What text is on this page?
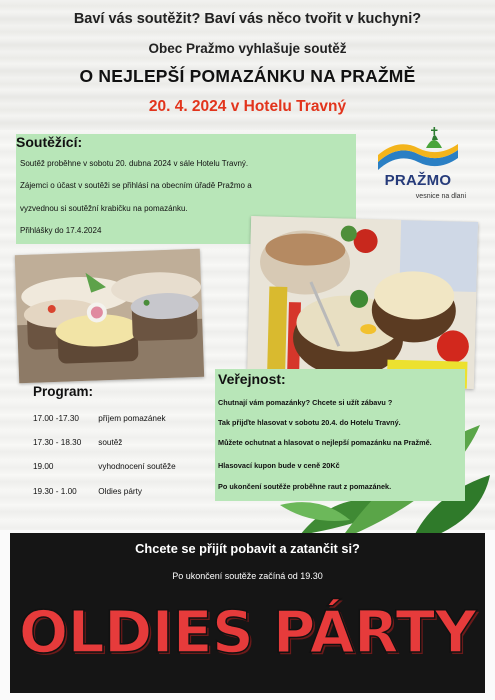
Baví vás soutěžit? Baví vás něco tvořit v kuchyni?
Obec Pražmo vyhlašuje soutěž
O NEJLEPŠÍ POMAZÁNKU NA PRAŽMĚ
20. 4. 2024 v Hotelu Travný
Soutěžící:
Soutěž proběhne v sobotu 20. dubna 2024 v sále Hotelu Travný.
Zájemci o účast v soutěži se přihlásí na obecním úřadě Pražmo a
vyzvednou si soutěžní krabičku na pomazánku.
Přihlášky do 17.4.2024
PRAŽMO
vesnice na dlani
Program:
17.00 -17.30 příjem pomazánek
17.30 - 18.30 soutěž
19.00	vyhodnocení soutěže
19.30 - 1.00	Oldies párty
Veřejnost:
Chutnají vám pomazánky? Chcete si užít zábavu ?
Tak přijďte hlasovat v sobotu 20.4. do Hotelu Travný.
Můžete ochutnat a hlasovat o nejlepší pomazánku na Pražmě.
Hlasovací kupon bude v ceně 20Kč
Po ukončení soutěže proběhne raut z pomazánek.
Chcete se přijít pobavit a zatančit si?
Po ukončení soutěže začíná od 19.30
OLDIES PÁRTY
